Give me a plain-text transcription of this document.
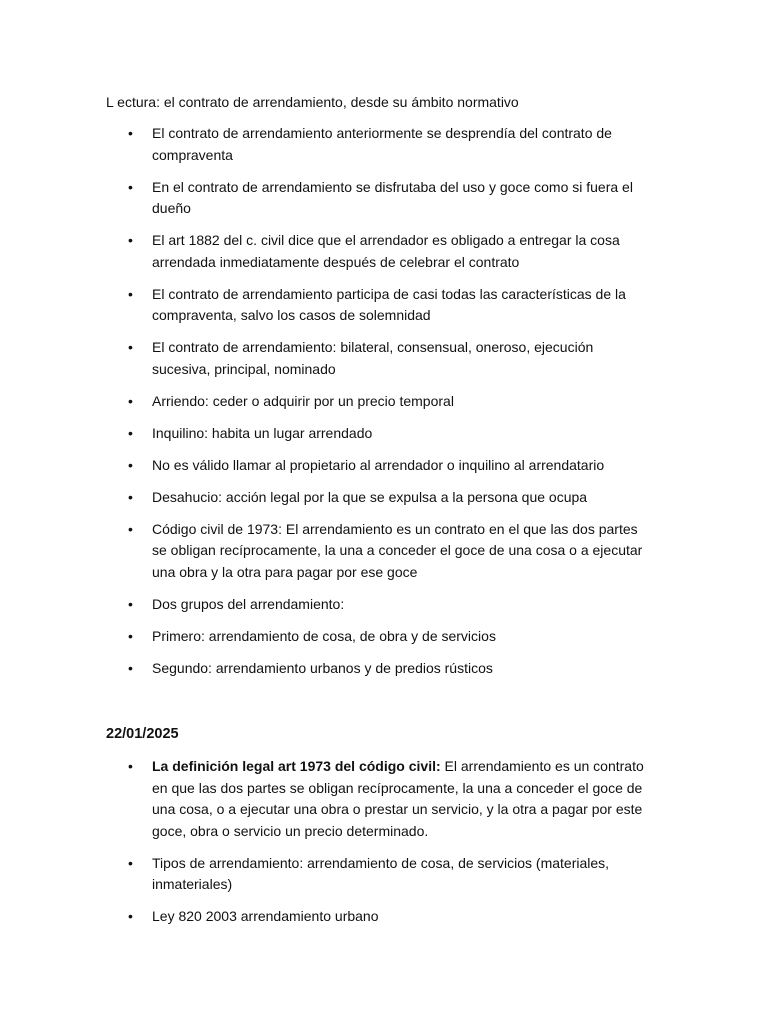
L ectura: el contrato de arrendamiento, desde su ámbito normativo

• El contrato de arrendamiento anteriormente se desprendía del contrato de compraventa
• En el contrato de arrendamiento se disfrutaba del uso y goce como si fuera el dueño
• El art 1882 del c. civil dice que el arrendador es obligado a entregar la cosa arrendada inmediatamente después de celebrar el contrato
• El contrato de arrendamiento participa de casi todas las características de la compraventa, salvo los casos de solemnidad
• El contrato de arrendamiento: bilateral, consensual, oneroso, ejecución sucesiva, principal, nominado
• Arriendo: ceder o adquirir por un precio temporal
• Inquilino: habita un lugar arrendado
• No es válido llamar al propietario al arrendador o inquilino al arrendatario
• Desahucio: acción legal por la que se expulsa a la persona que ocupa
• Código civil de 1973: El arrendamiento es un contrato en el que las dos partes se obligan recíprocamente, la una a conceder el goce de una cosa o a ejecutar una obra y la otra para pagar por ese goce
• Dos grupos del arrendamiento:
• Primero: arrendamiento de cosa, de obra y de servicios
• Segundo: arrendamiento urbanos y de predios rústicos
22/01/2025
• La definición legal art 1973 del código civil: El arrendamiento es un contrato en que las dos partes se obligan recíprocamente, la una a conceder el goce de una cosa, o a ejecutar una obra o prestar un servicio, y la otra a pagar por este goce, obra o servicio un precio determinado.
• Tipos de arrendamiento: arrendamiento de cosa, de servicios (materiales, inmateriales)
• Ley 820 2003 arrendamiento urbano
